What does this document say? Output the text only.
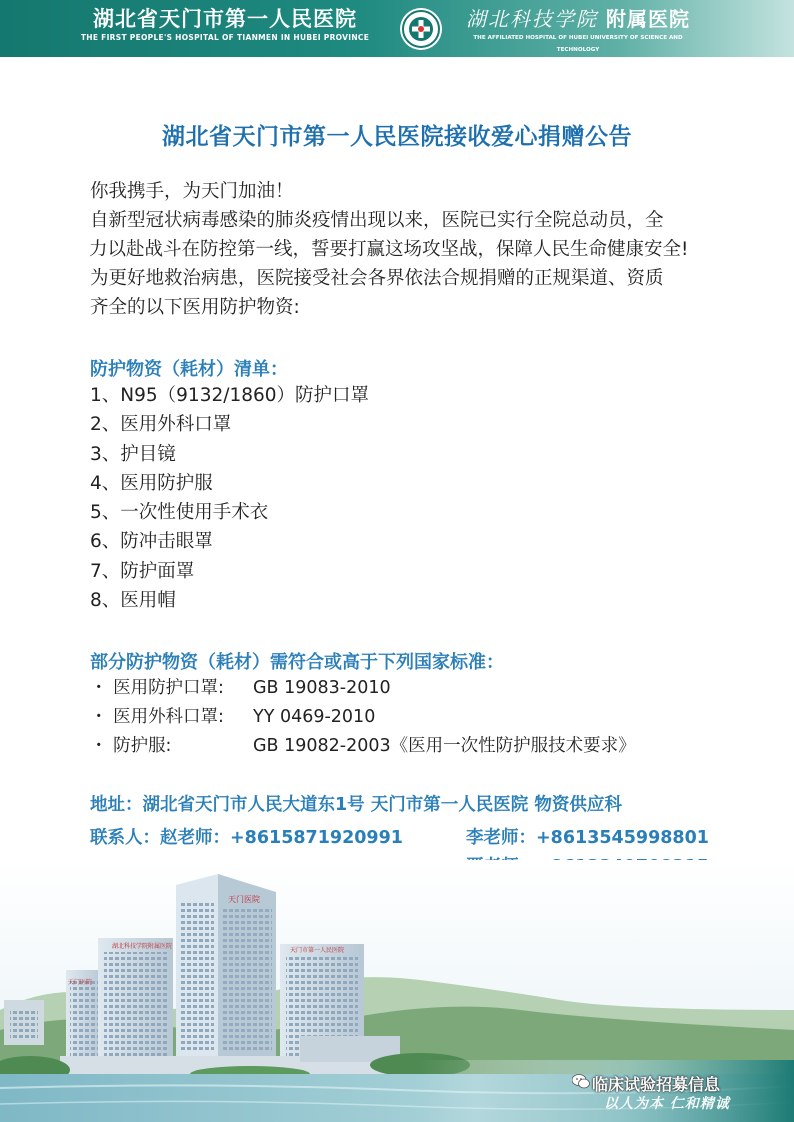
湖北省天门市第一人民医院
THE FIRST PEOPLE'S HOSPITAL OF TIANMEN IN HUBEI PROVINCE
湖北科技学院 附属医院
THE AFFILIATED HOSPITAL OF HUBEI UNIVERSITY OF SCIENCE AND TECHNOLOGY
湖北省天门市第一人民医院接收爱心捐赠公告
你我携手，为天门加油！
自新型冠状病毒感染的肺炎疫情出现以来，医院已实行全院总动员，全
力以赴战斗在防控第一线，誓要打赢这场攻坚战，保障人民生命健康安全!
为更好地救治病患，医院接受社会各界依法合规捐赠的正规渠道、资质
齐全的以下医用防护物资:
防护物资（耗材）清单：
1、N95（9132/1860）防护口罩
2、医用外科口罩
3、护目镜
4、医用防护服
5、一次性使用手术衣
6、防冲击眼罩
7、防护面罩
8、医用帽
部分防护物资（耗材）需符合或高于下列国家标准：
・ 医用防护口罩: GB 19083-2010
・ 医用外科口罩: YY 0469-2010
・ 防护服:	GB 19082-2003《医用一次性防护服技术要求》
地址：湖北省天门市人民大道东1号 天门市第一人民医院 物资供应科
联系人：赵老师：+8615871920991	李老师：+8613545998801
湖北科技学院附属医院
天门医院
天门医院
天门市第一人民医院
临床试验招募信息
以人为本 仁和精诚
